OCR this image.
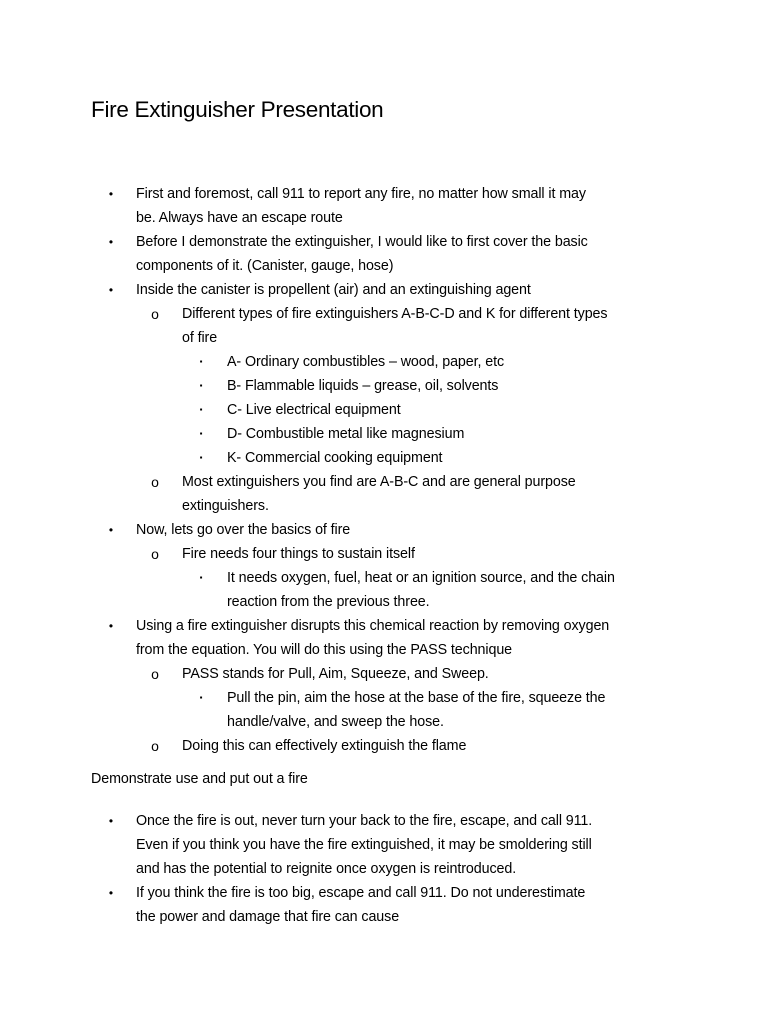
Fire Extinguisher Presentation
•	First and foremost, call 911 to report any fire, no matter how small it may
be. Always have an escape route
•	Before I demonstrate the extinguisher, I would like to first cover the basic
components of it. (Canister, gauge, hose)
•	Inside the canister is propellent (air) and an extinguishing agent
o Different types of fire extinguishers A-B-C-D and K for different types
of fire
▪	A- Ordinary combustibles – wood, paper, etc
▪	B- Flammable liquids – grease, oil, solvents
▪	C- Live electrical equipment
▪	D- Combustible metal like magnesium
▪	K- Commercial cooking equipment
o Most extinguishers you find are A-B-C and are general purpose
extinguishers.
•	Now, lets go over the basics of fire
o Fire needs four things to sustain itself
▪	It needs oxygen, fuel, heat or an ignition source, and the chain
reaction from the previous three.
•	Using a fire extinguisher disrupts this chemical reaction by removing oxygen
from the equation. You will do this using the PASS technique
o PASS stands for Pull, Aim, Squeeze, and Sweep.
▪	Pull the pin, aim the hose at the base of the fire, squeeze the
handle/valve, and sweep the hose.
o Doing this can effectively extinguish the flame
Demonstrate use and put out a fire
•	Once the fire is out, never turn your back to the fire, escape, and call 911.
Even if you think you have the fire extinguished, it may be smoldering still
and has the potential to reignite once oxygen is reintroduced.
•	If you think the fire is too big, escape and call 911. Do not underestimate
the power and damage that fire can cause
